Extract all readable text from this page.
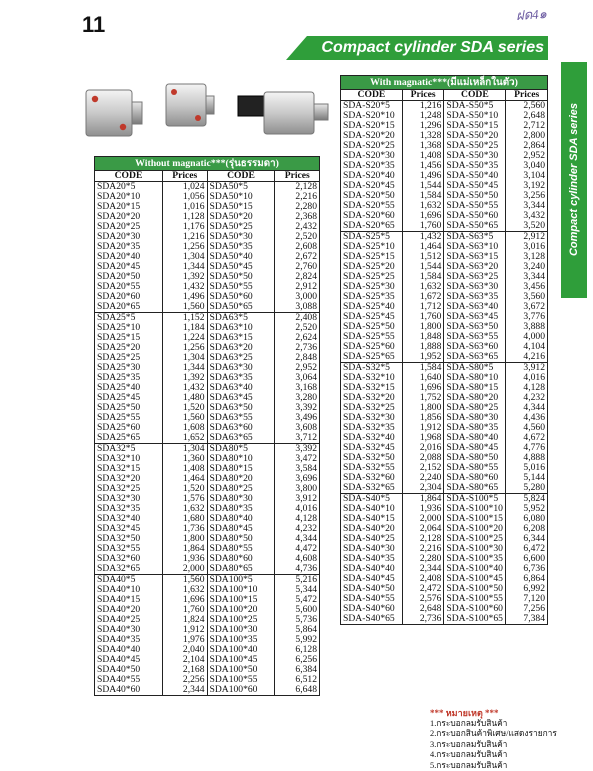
11	ฝด4๑
Compact cylinder SDA series
Compact cylinder SDA series
Without magnatic***(รุ่นธรรมดา)			
CODE	Prices	CODE	Prices
SDA20*5	1,024	SDA50*5	2,128
SDA20*10	1,056	SDA50*10	2,216
SDA20*15	1,016	SDA50*15	2,280
SDA20*20	1,128	SDA50*20	2,368
SDA20*25	1,176	SDA50*25	2,432
SDA20*30	1,216	SDA50*30	2,520
SDA20*35	1,256	SDA50*35	2,608
SDA20*40	1,304	SDA50*40	2,672
SDA20*45	1,344	SDA50*45	2,760
SDA20*50	1,392	SDA50*50	2,824
SDA20*55	1,432	SDA50*55	2,912
SDA20*60	1,496	SDA50*60	3,000
SDA20*65	1,560	SDA50*65	3,088
SDA25*5	1,152	SDA63*5	2,408
SDA25*10	1,184	SDA63*10	2,520
SDA25*15	1,224	SDA63*15	2,624
SDA25*20	1,256	SDA63*20	2,736
SDA25*25	1,304	SDA63*25	2,848
SDA25*30	1,344	SDA63*30	2,952
SDA25*35	1,392	SDA63*35	3,064
SDA25*40	1,432	SDA63*40	3,168
SDA25*45	1,480	SDA63*45	3,280
SDA25*50	1,520	SDA63*50	3,392
SDA25*55	1,560	SDA63*55	3,496
SDA25*60	1,608	SDA63*60	3,608
SDA25*65	1,652	SDA63*65	3,712
SDA32*5	1,304	SDA80*5	3,392
SDA32*10	1,360	SDA80*10	3,472
SDA32*15	1,408	SDA80*15	3,584
SDA32*20	1,464	SDA80*20	3,696
SDA32*25	1,520	SDA80*25	3,800
SDA32*30	1,576	SDA80*30	3,912
SDA32*35	1,632	SDA80*35	4,016
SDA32*40	1,680	SDA80*40	4,128
SDA32*45	1,736	SDA80*45	4,232
SDA32*50	1,800	SDA80*50	4,344
SDA32*55	1,864	SDA80*55	4,472
SDA32*60	1,936	SDA80*60	4,608
SDA32*65	2,000	SDA80*65	4,736
SDA40*5	1,560	SDA100*5	5,216
SDA40*10	1,632	SDA100*10	5,344
SDA40*15	1,696	SDA100*15	5,472
SDA40*20	1,760	SDA100*20	5,600
SDA40*25	1,824	SDA100*25	5,736
SDA40*30	1,912	SDA100*30	5,864
SDA40*35	1,976	SDA100*35	5,992
SDA40*40	2,040	SDA100*40	6,128
SDA40*45	2,104	SDA100*45	6,256
SDA40*50	2,168	SDA100*50	6,384
SDA40*55	2,256	SDA100*55	6,512
SDA40*60	2,344	SDA100*60	6,648
With magnatic***(มีแม่เหล็กในตัว)			
CODE	Prices	CODE	Prices
SDA-S20*5	1,216	SDA-S50*5	2,560
SDA-S20*10	1,248	SDA-S50*10	2,648
SDA-S20*15	1,296	SDA-S50*15	2,712
SDA-S20*20	1,328	SDA-S50*20	2,800
SDA-S20*25	1,368	SDA-S50*25	2,864
SDA-S20*30	1,408	SDA-S50*30	2,952
SDA-S20*35	1,456	SDA-S50*35	3,040
SDA-S20*40	1,496	SDA-S50*40	3,104
SDA-S20*45	1,544	SDA-S50*45	3,192
SDA-S20*50	1,584	SDA-S50*50	3,256
SDA-S20*55	1,632	SDA-S50*55	3,344
SDA-S20*60	1,696	SDA-S50*60	3,432
SDA-S20*65	1,760	SDA-S50*65	3,520
SDA-S25*5	1,432	SDA-S63*5	2,912
SDA-S25*10	1,464	SDA-S63*10	3,016
SDA-S25*15	1,512	SDA-S63*15	3,128
SDA-S25*20	1,544	SDA-S63*20	3,240
SDA-S25*25	1,584	SDA-S63*25	3,344
SDA-S25*30	1,632	SDA-S63*30	3,456
SDA-S25*35	1,672	SDA-S63*35	3,560
SDA-S25*40	1,712	SDA-S63*40	3,672
SDA-S25*45	1,760	SDA-S63*45	3,776
SDA-S25*50	1,800	SDA-S63*50	3,888
SDA-S25*55	1,848	SDA-S63*55	4,000
SDA-S25*60	1,888	SDA-S63*60	4,104
SDA-S25*65	1,952	SDA-S63*65	4,216
SDA-S32*5	1,584	SDA-S80*5	3,912
SDA-S32*10	1,640	SDA-S80*10	4,016
SDA-S32*15	1,696	SDA-S80*15	4,128
SDA-S32*20	1,752	SDA-S80*20	4,232
SDA-S32*25	1,800	SDA-S80*25	4,344
SDA-S32*30	1,856	SDA-S80*30	4,436
SDA-S32*35	1,912	SDA-S80*35	4,560
SDA-S32*40	1,968	SDA-S80*40	4,672
SDA-S32*45	2,016	SDA-S80*45	4,776
SDA-S32*50	2,088	SDA-S80*50	4,888
SDA-S32*55	2,152	SDA-S80*55	5,016
SDA-S32*60	2,240	SDA-S80*60	5,144
SDA-S32*65	2,304	SDA-S80*65	5,280
SDA-S40*5	1,864	SDA-S100*5	5,824
SDA-S40*10	1,936	SDA-S100*10	5,952
SDA-S40*15	2,000	SDA-S100*15	6,080
SDA-S40*20	2,064	SDA-S100*20	6,208
SDA-S40*25	2,128	SDA-S100*25	6,344
SDA-S40*30	2,216	SDA-S100*30	6,472
SDA-S40*35	2,280	SDA-S100*35	6,600
SDA-S40*40	2,344	SDA-S100*40	6,736
SDA-S40*45	2,408	SDA-S100*45	6,864
SDA-S40*50	2,472	SDA-S100*50	6,992
SDA-S40*55	2,576	SDA-S100*55	7,120
SDA-S40*60	2,648	SDA-S100*60	7,256
SDA-S40*65	2,736	SDA-S100*65	7,384
*** หมายเหตุ ***
1.กระบอกลมรับสินค้า
2.กระบอกสินค้าพิเศษ/แสดงรายการ
3.กระบอกลมรับสินค้า
4.กระบอกลมรับสินค้า
5.กระบอกลมรับสินค้า
